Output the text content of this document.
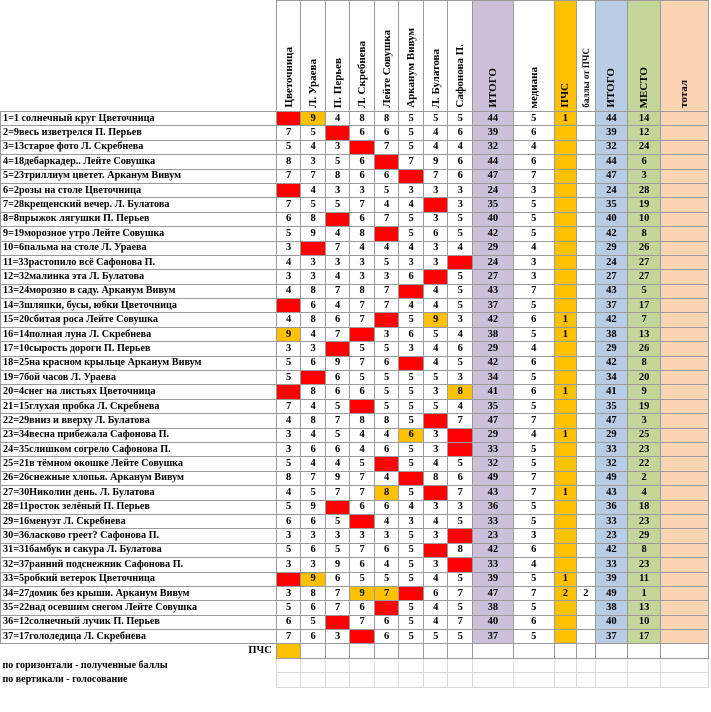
	Цветочница	Л. Ураева	П. Перьев	Л. Скребнева	Лейте Совушка	Арканум Вивум	Л. Булатова	Сафонова П.	ИТОГО	медиана	ПЧС	баллы от ПЧС	ИТОГО	МЕСТО	тотал
1=1 солнечный круг Цветочница		9	4	8	8	5	5	5	44	5	1		44	14	
2=9весь изветрелся П. Перьев	7	5		6	6	5	4	6	39	6			39	12	
3=13старое фото Л. Скребнева	5	4	3		7	5	4	4	32	4			32	24	
4=18дебаркадер.. Лейте Совушка	8	3	5	6		7	9	6	44	6			44	6	
5=23триллиум цветет. Арканум Вивум	7	7	8	6	6		7	6	47	7			47	3	
6=2розы на столе Цветочница		4	3	3	5	3	3	3	24	3			24	28	
7=28крещенский вечер. Л. Булатова	7	5	5	7	4	4		3	35	5			35	19	
8=8прыжок лягушки П. Перьев	6	8		6	7	5	3	5	40	5			40	10	
9=19морозное утро Лейте Совушка	5	9	4	8		5	6	5	42	5			42	8	
10=6пальма на столе Л. Ураева	3		7	4	4	4	3	4	29	4			29	26	
11=33растопило всё Сафонова П.	4	3	3	3	5	3	3		24	3			24	27	
12=32малинка эта Л. Булатова	3	3	4	3	3	6		5	27	3			27	27	
13=24морозно в саду. Арканум Вивум	4	8	7	8	7		4	5	43	7			43	5	
14=3шляпки, бусы, юбки Цветочница		6	4	7	7	4	4	5	37	5			37	17	
15=20сбитая роса Лейте Совушка	4	8	6	7		5	9	3	42	6	1		42	7	
16=14полная луна Л. Скребнева	9	4	7		3	6	5	4	38	5	1		38	13	
17=10сырость дороги П. Перьев	3	3		5	5	3	4	6	29	4			29	26	
18=25на красном крыльце Арканум Вивум	5	6	9	7	6		4	5	42	6			42	8	
19=7бой часов Л. Ураева	5		6	5	5	5	5	3	34	5			34	20	
20=4снег на листьях Цветочница		8	6	6	5	5	3	8	41	6	1		41	9	
21=15глухая пробка Л. Скребнева	7	4	5		5	5	5	4	35	5			35	19	
22=29вниз и вверху Л. Булатова	4	8	7	8	8	5		7	47	7			47	3	
23=34весна прибежала Сафонова П.	3	4	5	4	4	6	3		29	4	1		29	25	
24=35слишком согрело Сафонова П.	3	6	6	4	6	5	3		33	5			33	23	
25=21в тёмном окошке Лейте Совушка	5	4	4	5		5	4	5	32	5			32	22	
26=26снежные хлопья. Арканум Вивум	8	7	9	7	4		8	6	49	7			49	2	
27=30Николин день. Л. Булатова	4	5	7	7	8	5		7	43	7	1		43	4	
28=11росток зелёный П. Перьев	5	9		6	6	4	3	3	36	5			36	18	
29=16менуэт Л. Скребнева	6	6	5		4	3	4	5	33	5			33	23	
30=36ласково греет? Сафонова П.	3	3	3	3	3	5	3		23	3			23	29	
31=31бамбук и сакура Л. Булатова	5	6	5	7	6	5		8	42	6			42	8	
32=37ранний подснежник Сафонова П.	3	3	9	6	4	5	3		33	4			33	23	
33=5робкий ветерок Цветочница		9	6	5	5	5	4	5	39	5	1		39	11	
34=27домик без крыши. Арканум Вивум	3	8	7	9	7		6	7	47	7	2	2	49	1	
35=22над осевшим снегом Лейте Совушка	5	6	7	6		5	4	5	38	5			38	13	
36=12солнечный лучик П. Перьев	6	5		7	6	5	4	7	40	6			40	10	
37=17гололедица Л. Скребнева	7	6	3		6	5	5	5	37	5			37	17	
ПЧС															
по горизонтали - полученные баллы															
по вертикали - голосование															
